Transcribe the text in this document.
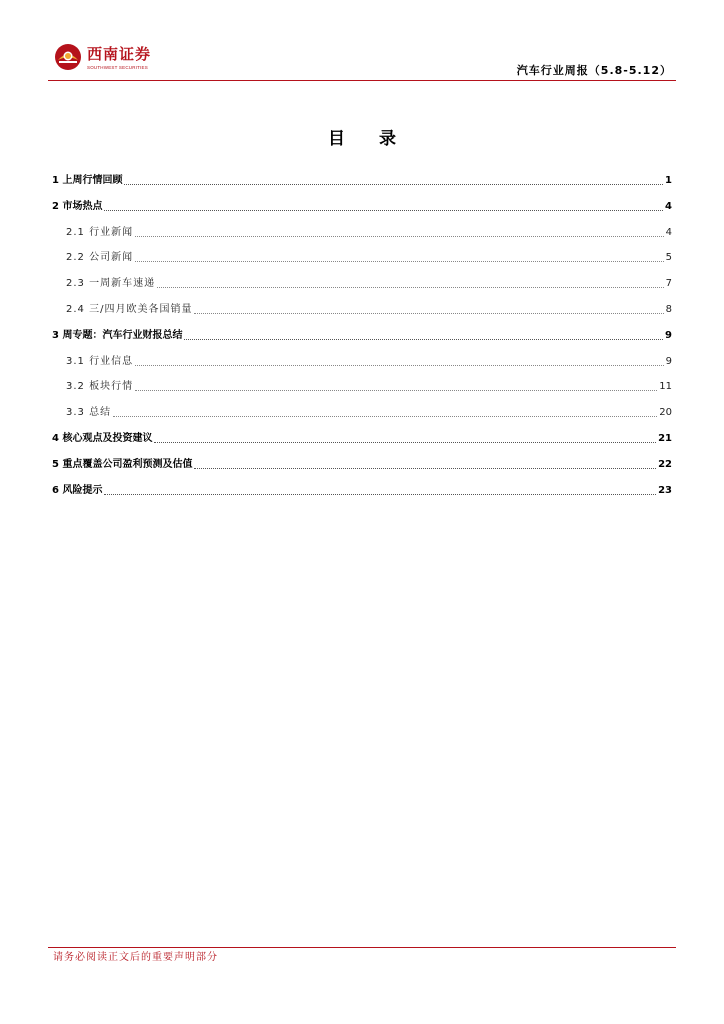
西南证券
SOUTHWEST SECURITIES	汽车行业周报（5.8-5.12）
目 录
1 上周行情回顾	1
2 市场热点	4
2.1 行业新闻	4
2.2 公司新闻	5
2.3 一周新车速递	7
2.4 三/四月欧美各国销量	8
3 周专题：汽车行业财报总结	9
3.1 行业信息	9
3.2 板块行情	11
3.3 总结	20
4 核心观点及投资建议	21
5 重点覆盖公司盈利预测及估值	22
6 风险提示	23
请务必阅读正文后的重要声明部分
